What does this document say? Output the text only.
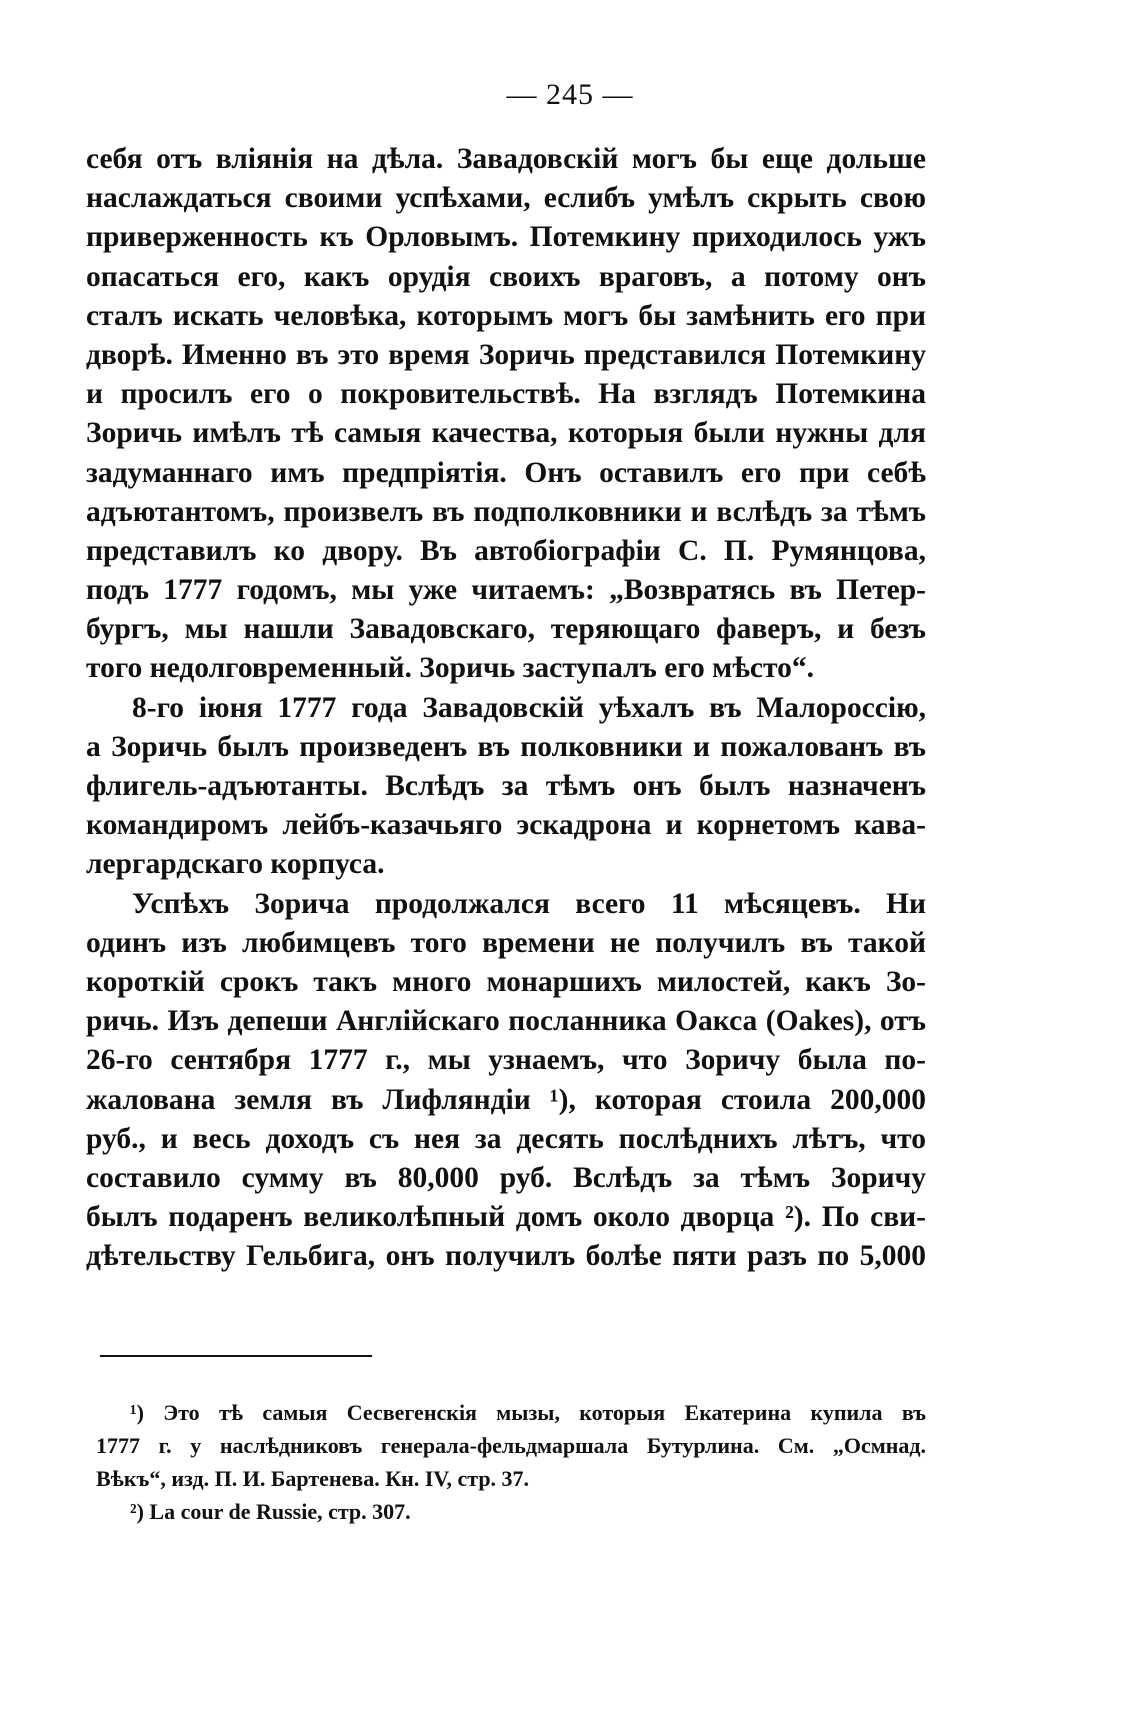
— 245 —
себя отъ вліянія на дѣла. Завадовскій могъ бы еще дольше
наслаждаться своими успѣхами, еслибъ умѣлъ скрыть свою
приверженность къ Орловымъ. Потемкину приходилось ужъ
опасаться его, какъ орудія своихъ враговъ, а потому онъ
сталъ искать человѣка, которымъ могъ бы замѣнить его при
дворѣ. Именно въ это время Зоричь представился Потемкину
и просилъ его о покровительствѣ. На взглядъ Потемкина
Зоричь имѣлъ тѣ самыя качества, которыя были нужны для
задуманнаго имъ предпріятія. Онъ оставилъ его при себѣ
адъютантомъ, произвелъ въ подполковники и вслѣдъ за тѣмъ
представилъ ко двору. Въ автобіографіи С. П. Румянцова,
подъ 1777 годомъ, мы уже читаемъ: „Возвратясь въ Петер-
бургъ, мы нашли Завадовскаго, теряющаго фаверъ, и безъ
того недолговременный. Зоричь заступалъ его мѣсто“.
8-го іюня 1777 года Завадовскій уѣхалъ въ Малороссію,
а Зоричь былъ произведенъ въ полковники и пожалованъ въ
флигель-адъютанты. Вслѣдъ за тѣмъ онъ былъ назначенъ
командиромъ лейбъ-казачьяго эскадрона и корнетомъ кава-
лергардскаго корпуса.
Успѣхъ Зорича продолжался всего 11 мѣсяцевъ. Ни
одинъ изъ любимцевъ того времени не получилъ въ такой
короткій срокъ такъ много монаршихъ милостей, какъ Зо-
ричь. Изъ депеши Англійскаго посланника Оакса (Oakes), отъ
26-го сентября 1777 г., мы узнаемъ, что Зоричу была по-
жалована земля въ Лифляндіи ¹), которая стоила 200,000
руб., и весь доходъ съ нея за десять послѣднихъ лѣтъ, что
составило сумму въ 80,000 руб. Вслѣдъ за тѣмъ Зоричу
былъ подаренъ великолѣпный домъ около дворца ²). По сви-
дѣтельству Гельбига, онъ получилъ болѣе пяти разъ по 5,000
¹) Это тѣ самыя Сесвегенскія мызы, которыя Екатерина купила въ
1777 г. у наслѣдниковъ генерала-фельдмаршала Бутурлина. См. „Осмнад.
Вѣкъ“, изд. П. И. Бартенева. Кн. IV, стр. 37.
²) La cour de Russie, стр. 307.
